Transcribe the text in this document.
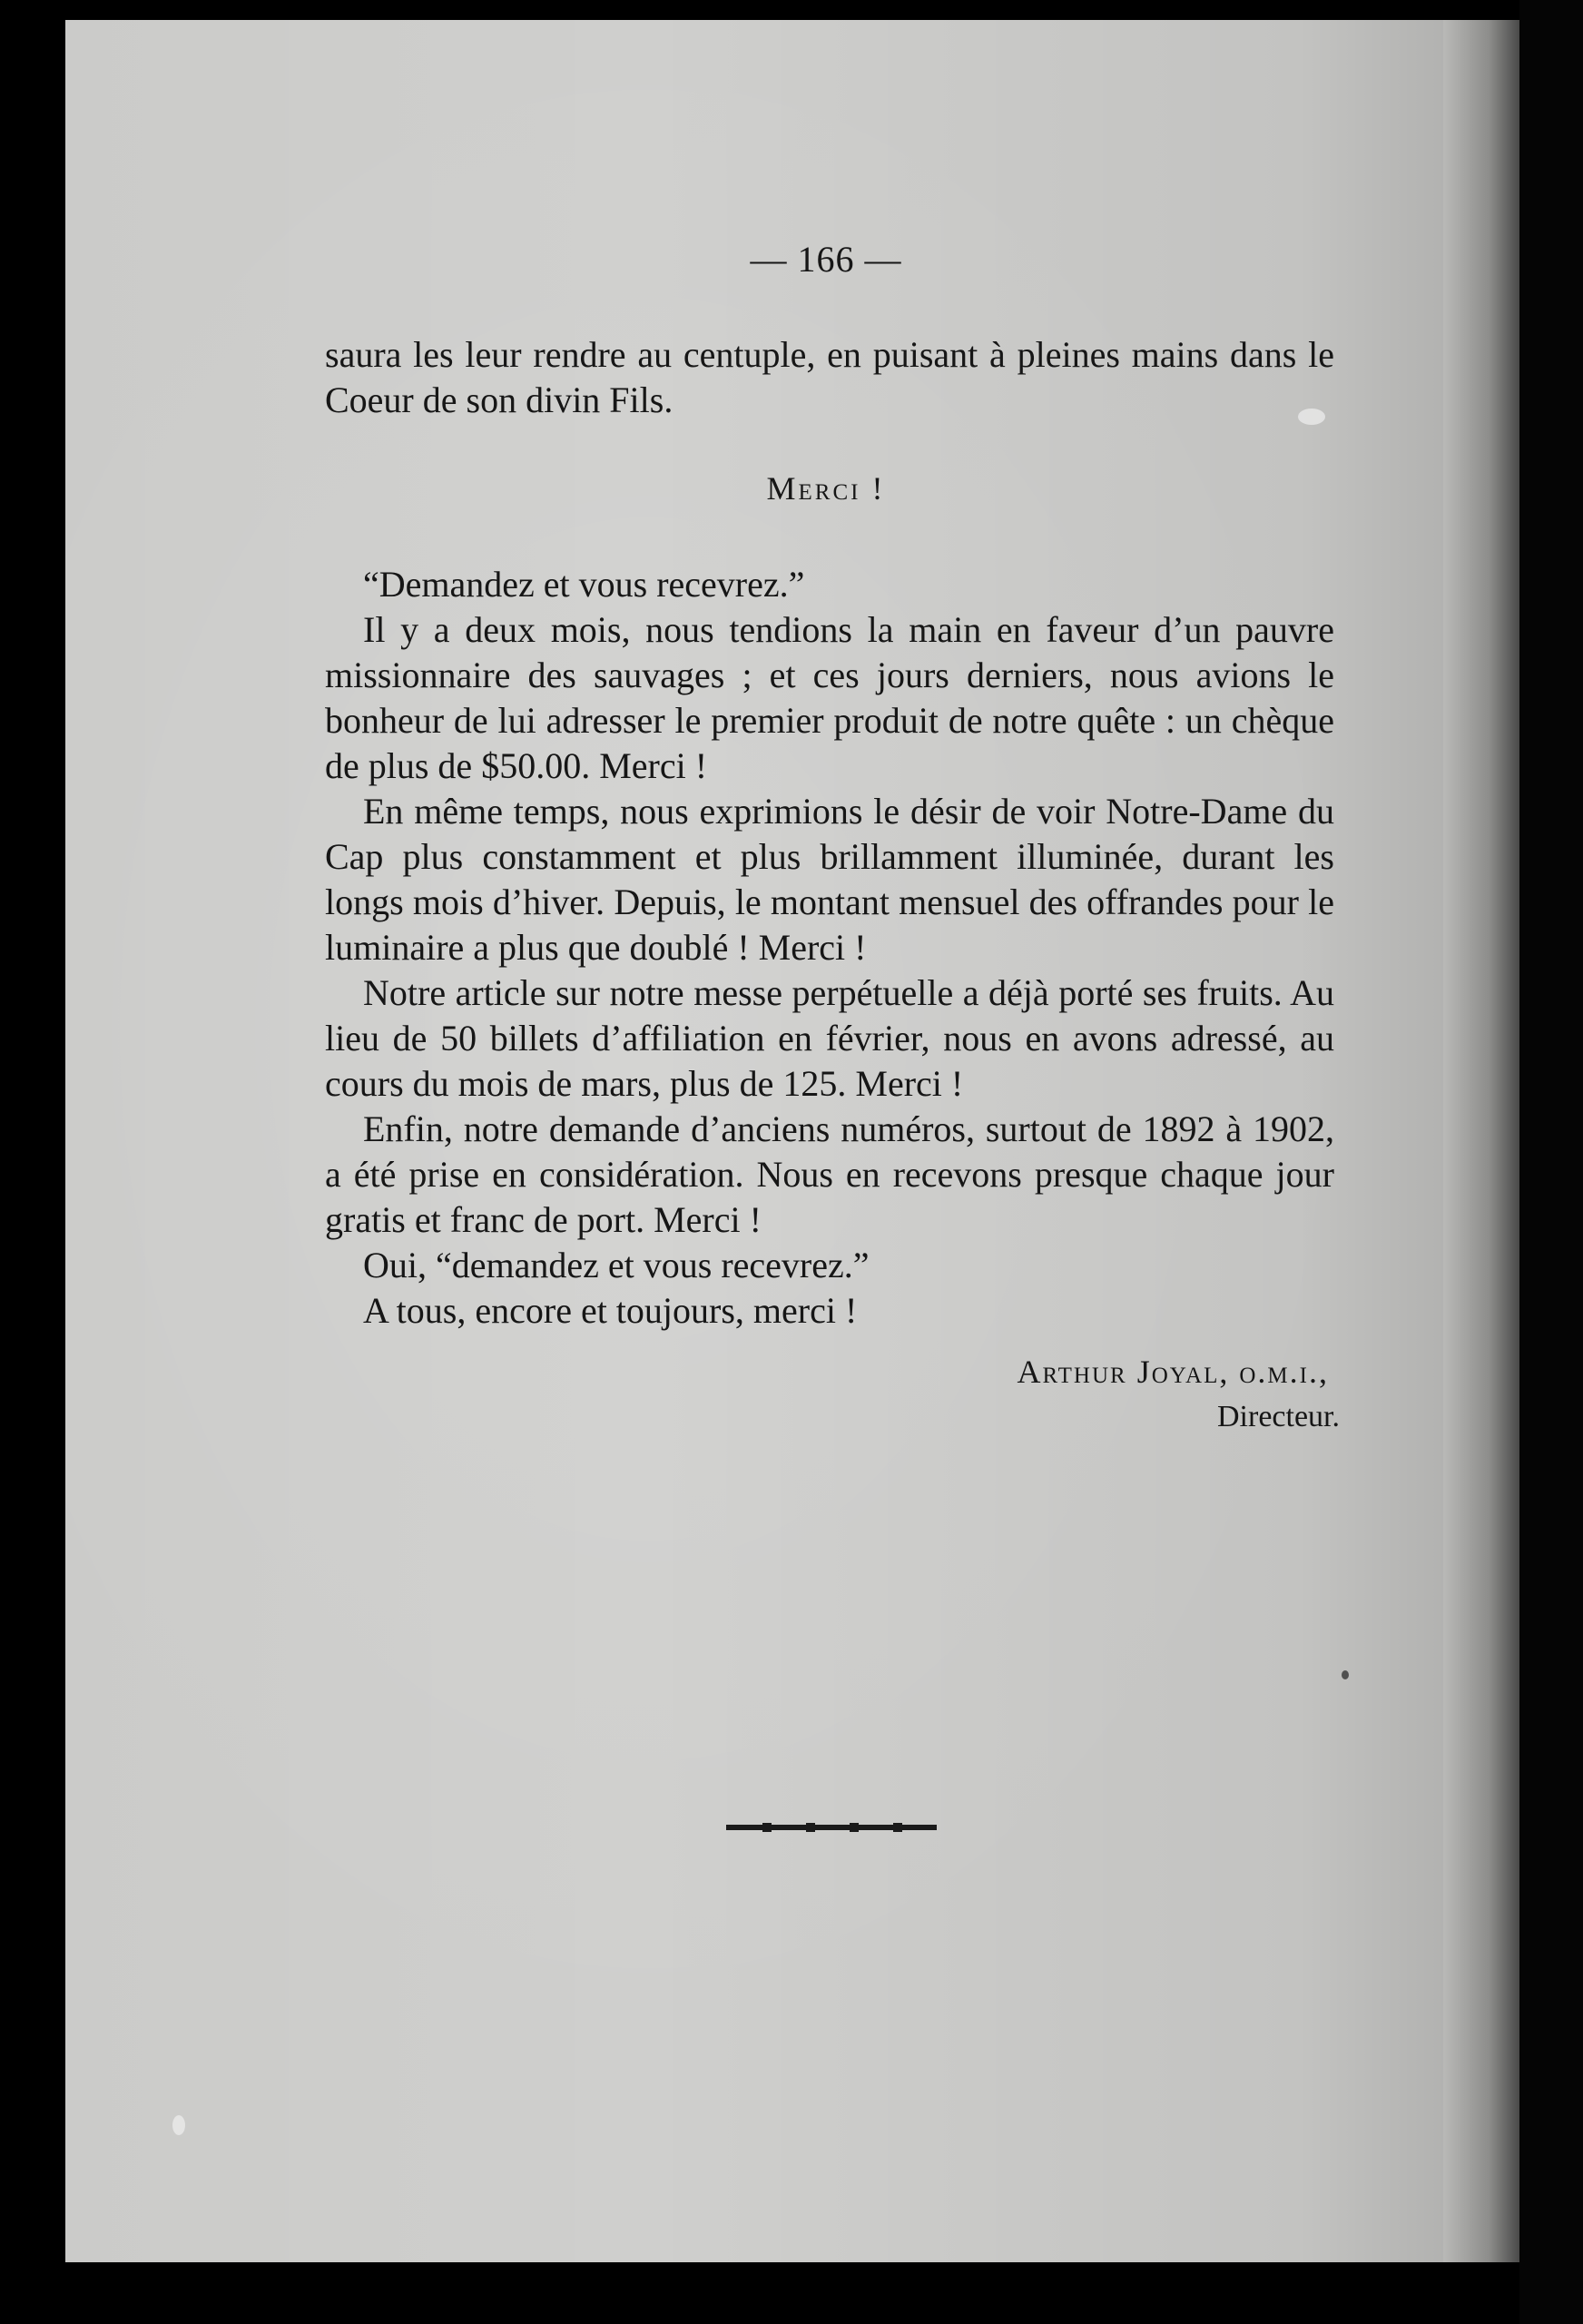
— 166 —

saura les leur rendre au centuple, en puisant à pleines mains dans le Coeur de son divin Fils.

Merci !

“Demandez et vous recevrez.”

Il y a deux mois, nous tendions la main en faveur d’un pauvre missionnaire des sauvages ; et ces jours derniers, nous avions le bonheur de lui adresser le premier produit de notre quête : un chèque de plus de $50.00. Merci !

En même temps, nous exprimions le désir de voir Notre-Dame du Cap plus constamment et plus brillamment illuminée, durant les longs mois d’hiver. Depuis, le montant mensuel des offrandes pour le luminaire a plus que doublé ! Merci !

Notre article sur notre messe perpétuelle a déjà porté ses fruits. Au lieu de 50 billets d’affiliation en février, nous en avons adressé, au cours du mois de mars, plus de 125. Merci !

Enfin, notre demande d’anciens numéros, surtout de 1892 à 1902, a été prise en considération. Nous en recevons presque chaque jour gratis et franc de port. Merci !

Oui, “demandez et vous recevrez.”

A tous, encore et toujours, merci !

Arthur Joyal, o.m.i.,
Directeur.
